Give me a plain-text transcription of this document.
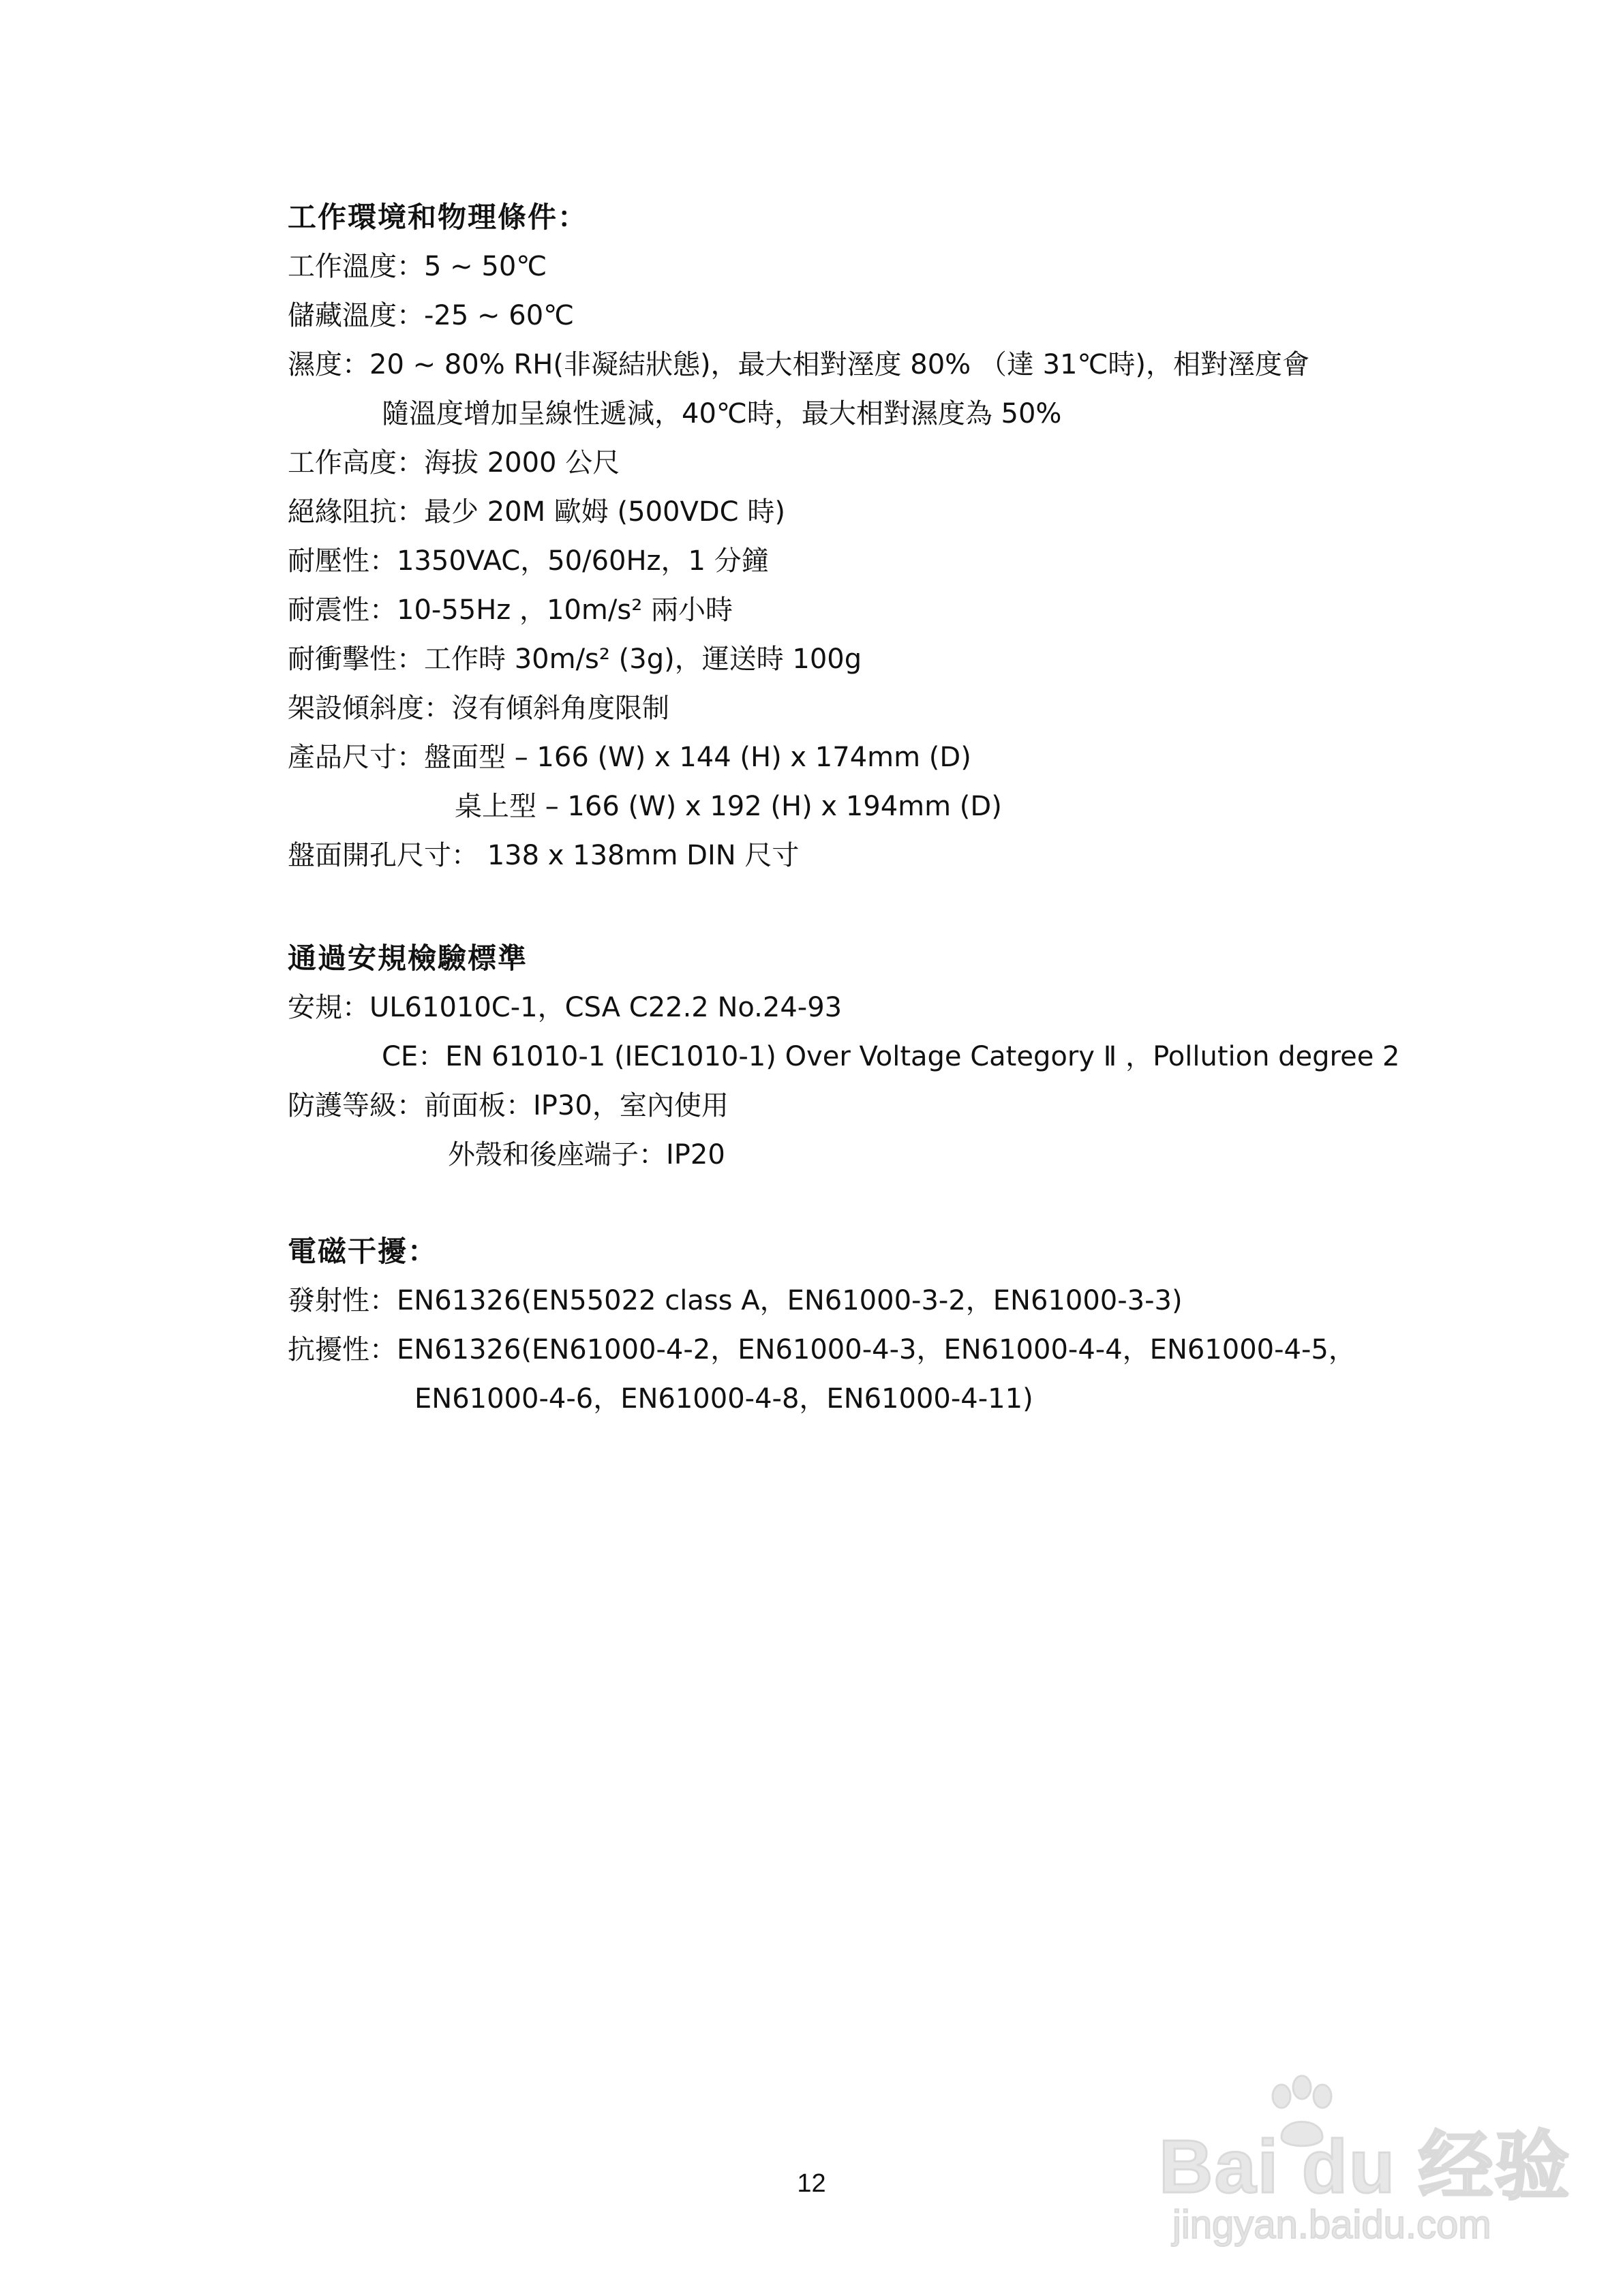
工作環境和物理條件：
工作溫度：5 ~ 50℃
儲藏溫度：-25 ~ 60℃
濕度：20 ~ 80% RH(非凝結狀態)，最大相對溼度 80% （達 31℃時)，相對溼度會
隨溫度增加呈線性遞減，40℃時，最大相對濕度為 50%
工作高度：海拔 2000 公尺
絕緣阻抗：最少 20M 歐姆 (500VDC 時)
耐壓性：1350VAC，50/60Hz，1 分鐘
耐震性：10-55Hz ，10m/s² 兩小時
耐衝擊性：工作時 30m/s² (3g)，運送時 100g
架設傾斜度：沒有傾斜角度限制
產品尺寸：盤面型 – 166 (W) x 144 (H) x 174mm (D)
桌上型 – 166 (W) x 192 (H) x 194mm (D)
盤面開孔尺寸： 138 x 138mm DIN 尺寸
通過安規檢驗標準
安規：UL61010C-1，CSA C22.2 No.24-93
CE：EN 61010-1 (IEC1010-1) Over Voltage Category Ⅱ ，Pollution degree 2
防護等級：前面板：IP30，室內使用
外殼和後座端子：IP20
電磁干擾：
發射性：EN61326(EN55022 class A，EN61000-3-2，EN61000-3-3)
抗擾性：EN61326(EN61000-4-2，EN61000-4-3，EN61000-4-4，EN61000-4-5，
EN61000-4-6，EN61000-4-8，EN61000-4-11)
12	Bai du 经验
jingyan.baidu.com
